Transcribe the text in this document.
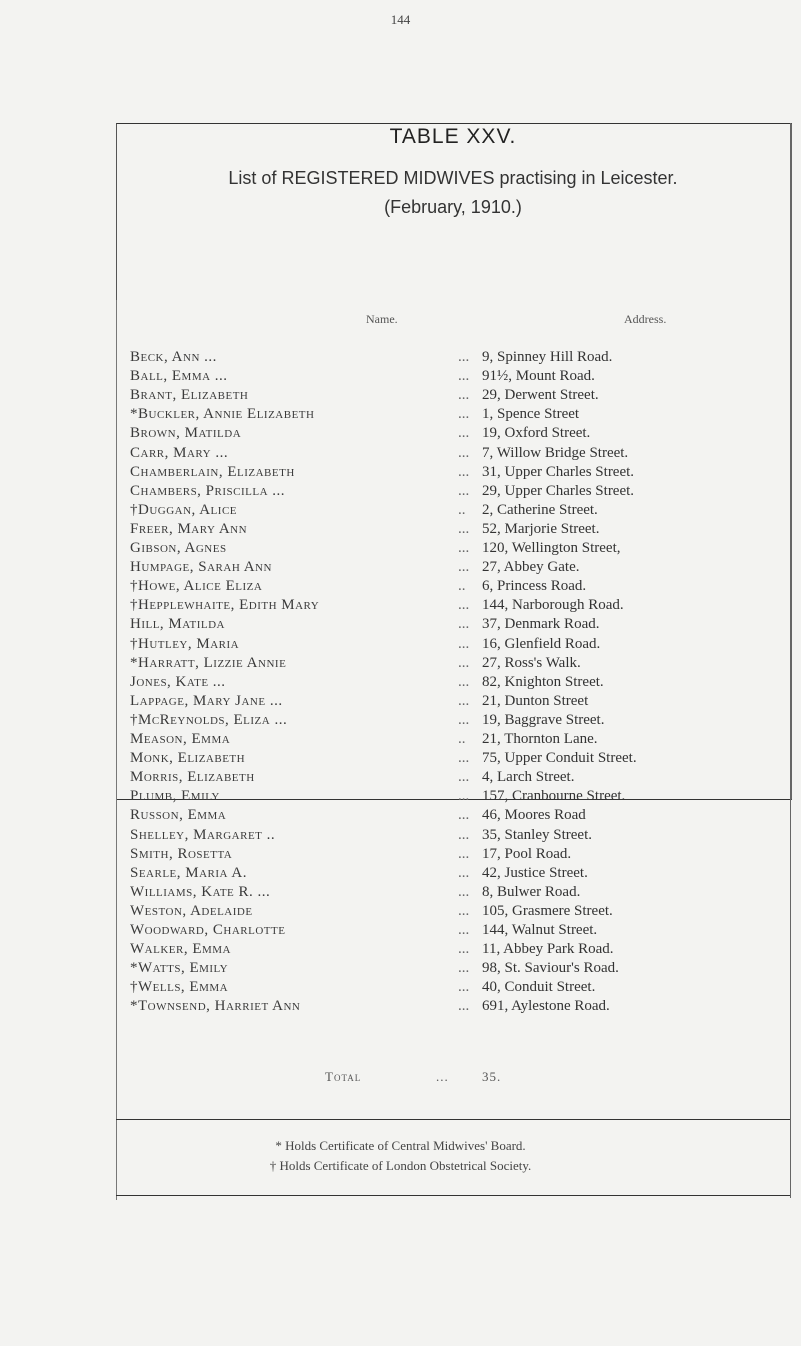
144
TABLE XXV.
List of REGISTERED MIDWIVES practising in Leicester.
(February, 1910.)
Name.	Address.
Beck, Ann ...	... 9, Spinney Hill Road.
Ball, Emma ...	... 91½, Mount Road.
Brant, Elizabeth	... 29, Derwent Street.
*Buckler, Annie Elizabeth	... 1, Spence Street
Brown, Matilda	... 19, Oxford Street.
Carr, Mary ...	... 7, Willow Bridge Street.
Chamberlain, Elizabeth	... 31, Upper Charles Street.
Chambers, Priscilla ...	... 29, Upper Charles Street.
†Duggan, Alice	.. 2, Catherine Street.
Freer, Mary Ann	... 52, Marjorie Street.
Gibson, Agnes	... 120, Wellington Street,
Humpage, Sarah Ann	... 27, Abbey Gate.
†Howe, Alice Eliza	.. 6, Princess Road.
†Hepplewhaite, Edith Mary	... 144, Narborough Road.
Hill, Matilda	... 37, Denmark Road.
†Hutley, Maria	... 16, Glenfield Road.
*Harratt, Lizzie Annie	... 27, Ross's Walk.
Jones, Kate ...	... 82, Knighton Street.
Lappage, Mary Jane ...	... 21, Dunton Street
†McReynolds, Eliza ...	... 19, Baggrave Street.
Meason, Emma	.. 21, Thornton Lane.
Monk, Elizabeth	... 75, Upper Conduit Street.
Morris, Elizabeth	... 4, Larch Street.
Plumb, Emily	... 157, Cranbourne Street.
Russon, Emma	... 46, Moores Road
Shelley, Margaret ..	... 35, Stanley Street.
Smith, Rosetta	... 17, Pool Road.
Searle, Maria A.	... 42, Justice Street.
Williams, Kate R. ...	... 8, Bulwer Road.
Weston, Adelaide	... 105, Grasmere Street.
Woodward, Charlotte	... 144, Walnut Street.
Walker, Emma	... 11, Abbey Park Road.
*Watts, Emily	... 98, St. Saviour's Road.
†Wells, Emma	... 40, Conduit Street.
*Townsend, Harriet Ann	... 691, Aylestone Road.
Total	...	35.
* Holds Certificate of Central Midwives' Board.
† Holds Certificate of London Obstetrical Society.
